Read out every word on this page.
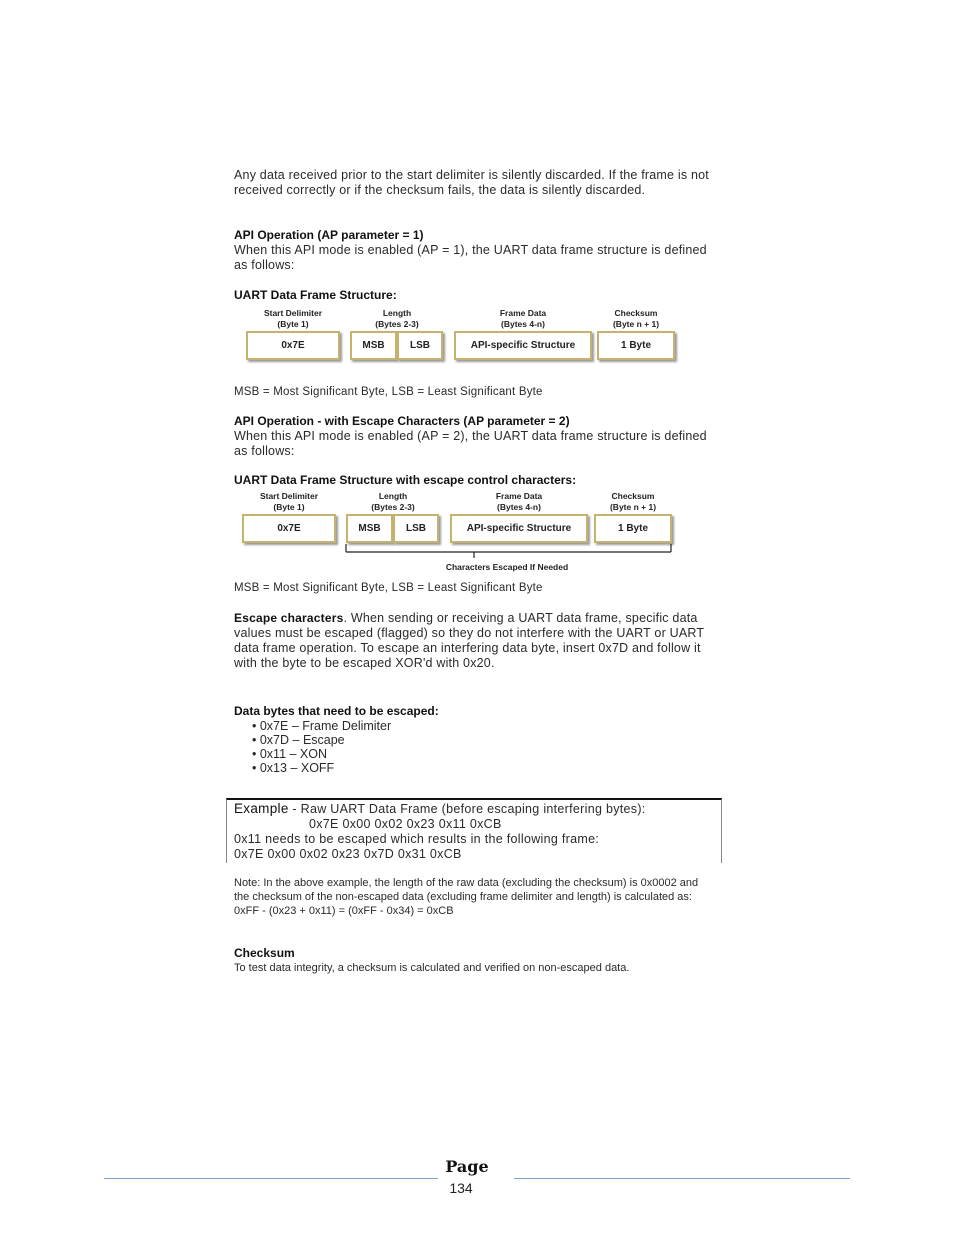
Any data received prior to the start delimiter is silently discarded. If the frame is not received correctly or if the checksum fails, the data is silently discarded.
API Operation (AP parameter = 1)
When this API mode is enabled (AP = 1), the UART data frame structure is defined as follows:
UART Data Frame Structure:
Start Delimiter
(Byte 1)
Length
(Bytes 2-3)
Frame Data
(Bytes 4-n)
Checksum
(Byte n + 1)
0x7E	MSB	LSB	API-specific Structure	1 Byte
MSB = Most Significant Byte, LSB = Least Significant Byte
API Operation - with Escape Characters (AP parameter = 2)
When this API mode is enabled (AP = 2), the UART data frame structure is defined as follows:
UART Data Frame Structure with escape control characters:
Start Delimiter
(Byte 1)
Length
(Bytes 2-3)
Frame Data
(Bytes 4-n)
Checksum
(Byte n + 1)
0x7E	MSB	LSB	API-specific Structure	1 Byte
Characters Escaped If Needed
MSB = Most Significant Byte, LSB = Least Significant Byte
Escape characters. When sending or receiving a UART data frame, specific data values must be escaped (flagged) so they do not interfere with the UART or UART data frame operation. To escape an interfering data byte, insert 0x7D and follow it with the byte to be escaped XOR'd with 0x20.
Data bytes that need to be escaped:
• 0x7E – Frame Delimiter
• 0x7D – Escape
• 0x11 – XON
• 0x13 – XOFF
Example - Raw UART Data Frame (before escaping interfering bytes):
0x7E 0x00 0x02 0x23 0x11 0xCB
0x11 needs to be escaped which results in the following frame:
0x7E 0x00 0x02 0x23 0x7D 0x31 0xCB
Note: In the above example, the length of the raw data (excluding the checksum) is 0x0002 and the checksum of the non-escaped data (excluding frame delimiter and length) is calculated as:
0xFF - (0x23 + 0x11) = (0xFF - 0x34) = 0xCB
Checksum
To test data integrity, a checksum is calculated and verified on non-escaped data.
Page
134
